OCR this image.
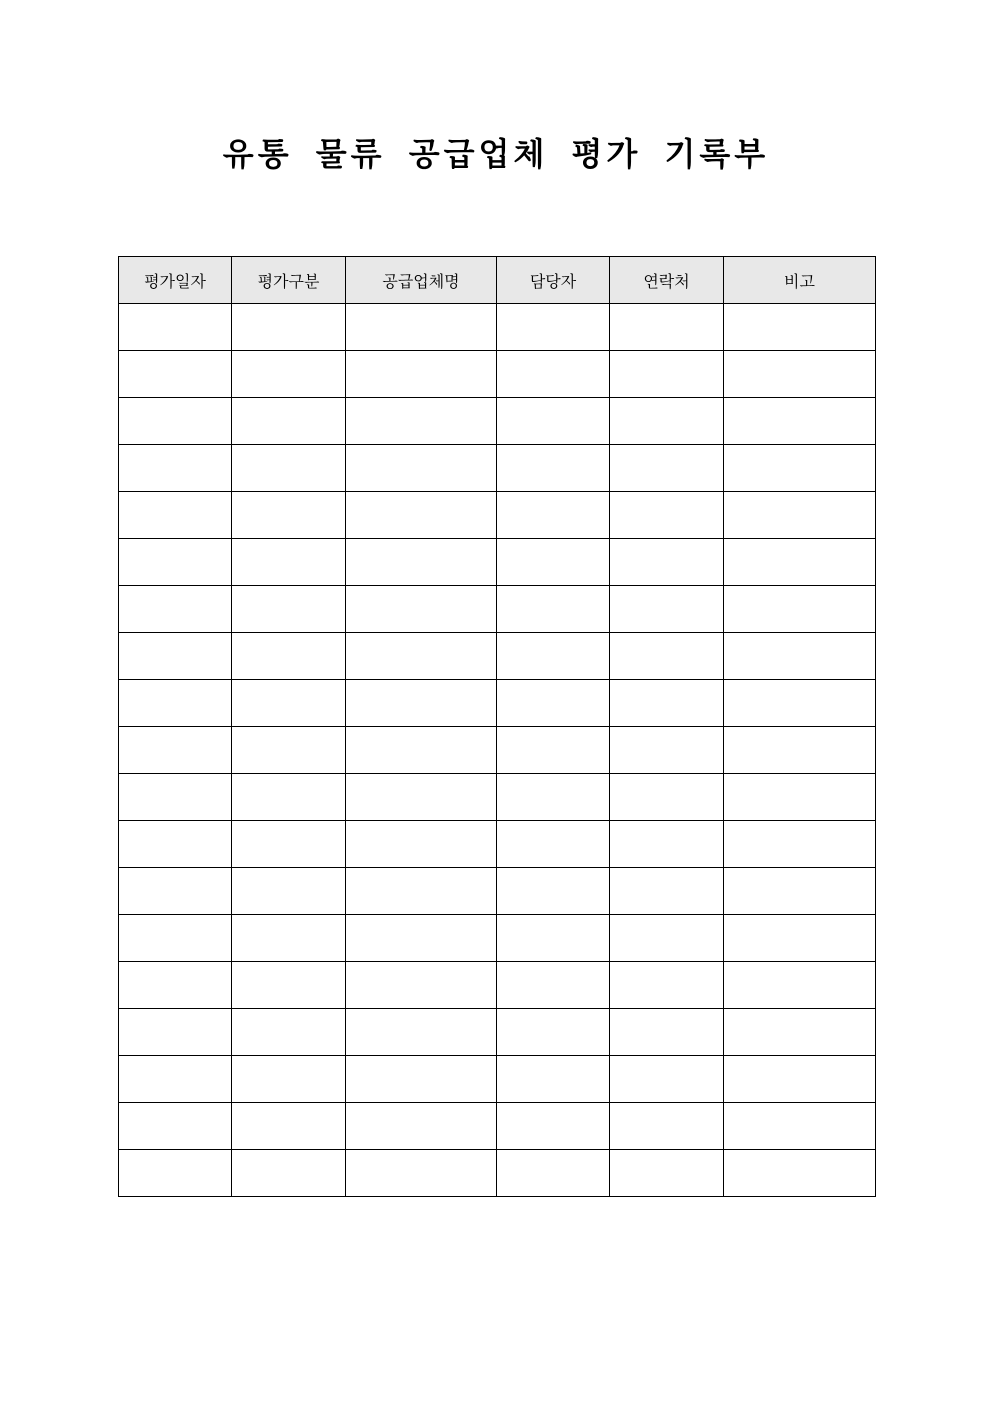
유통 물류 공급업체 평가 기록부
평가일자	평가구분	공급업체명	담당자	연락처	비고
